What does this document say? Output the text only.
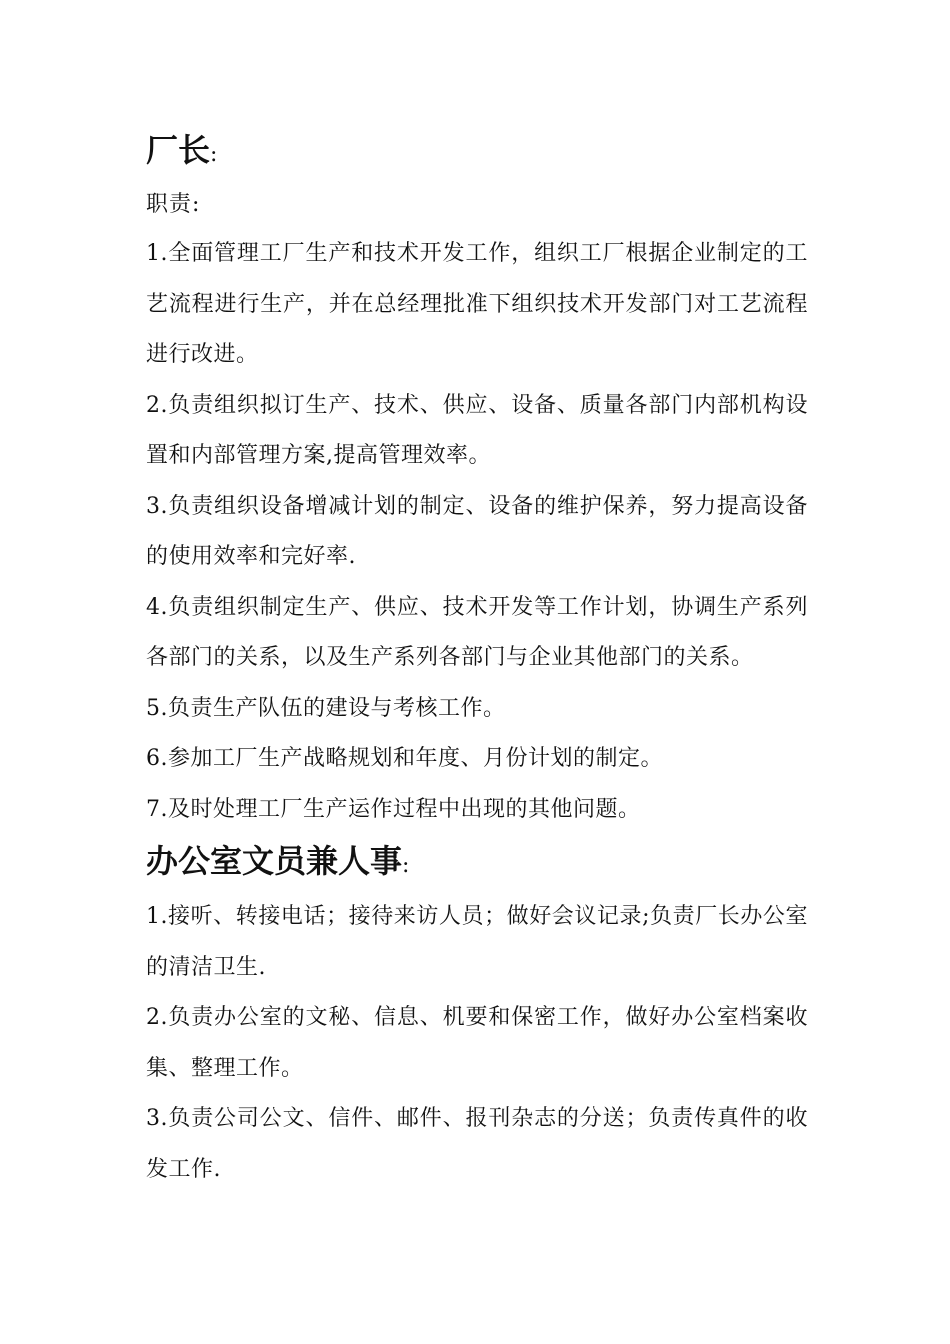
厂长:

职责:

1.全面管理工厂生产和技术开发工作，组织工厂根据企业制定的工艺流程进行生产，并在总经理批准下组织技术开发部门对工艺流程进行改进。

2.负责组织拟订生产、技术、供应、设备、质量各部门内部机构设置和内部管理方案,提高管理效率。

3.负责组织设备增减计划的制定、设备的维护保养，努力提高设备的使用效率和完好率.

4.负责组织制定生产、供应、技术开发等工作计划，协调生产系列各部门的关系，以及生产系列各部门与企业其他部门的关系。

5.负责生产队伍的建设与考核工作。

6.参加工厂生产战略规划和年度、月份计划的制定。

7.及时处理工厂生产运作过程中出现的其他问题。

办公室文员兼人事:

1.接听、转接电话；接待来访人员；做好会议记录;负责厂长办公室的清洁卫生.

2.负责办公室的文秘、信息、机要和保密工作，做好办公室档案收集、整理工作。

3.负责公司公文、信件、邮件、报刊杂志的分送；负责传真件的收发工作.
